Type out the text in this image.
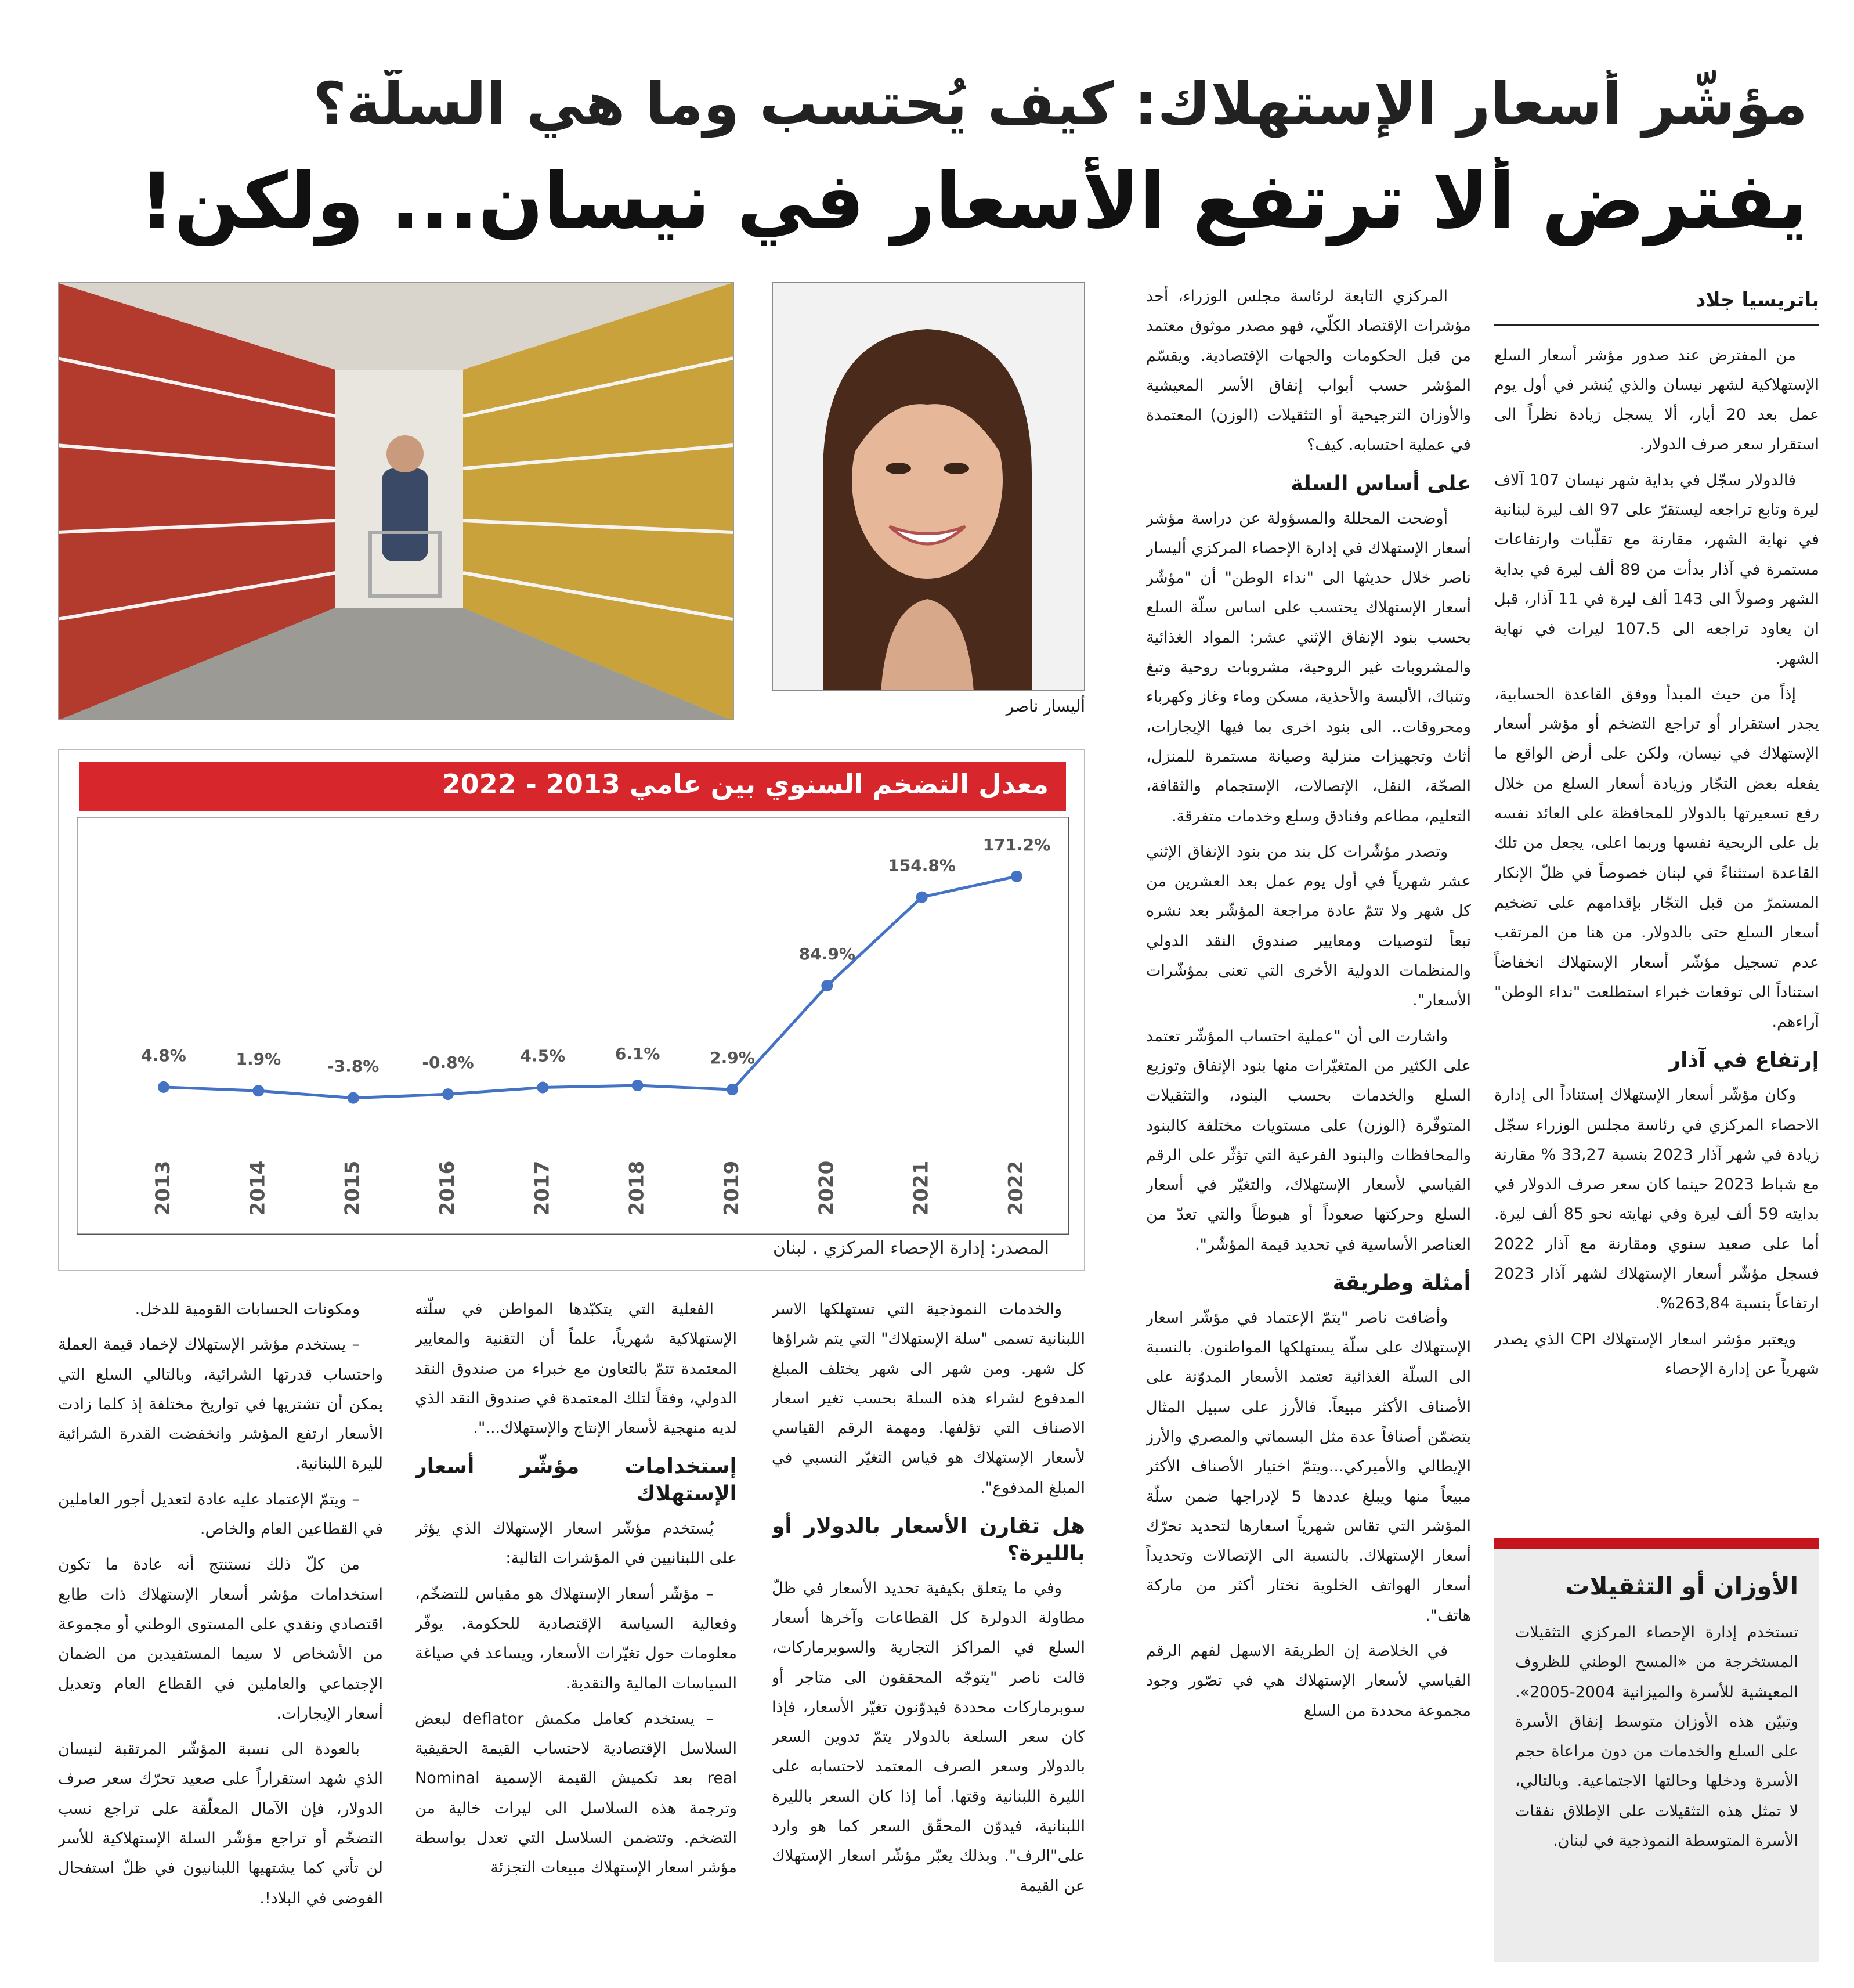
مؤشّر أسعار الإستهلاك: كيف يُحتسب وما هي السلّة؟
يفترض ألا ترتفع الأسعار في نيسان... ولكن!
باتريسيا جلاد

من المفترض عند صدور مؤشر أسعار السلع الإستهلاكية لشهر نيسان والذي يُنشر في أول يوم عمل بعد 20 أيار، ألا يسجل زيادة نظراً الى استقرار سعر صرف الدولار.

فالدولار سجّل في بداية شهر نيسان 107 آلاف ليرة وتابع تراجعه ليستقرّ على 97 الف ليرة لبنانية في نهاية الشهر، مقارنة مع تقلّبات وارتفاعات مستمرة في آذار بدأت من 89 ألف ليرة في بداية الشهر وصولاً الى 143 ألف ليرة في 11 آذار، قبل ان يعاود تراجعه الى 107.5 ليرات في نهاية الشهر.

إذاً من حيث المبدأ ووفق القاعدة الحسابية، يجدر استقرار أو تراجع التضخم أو مؤشر أسعار الإستهلاك في نيسان، ولكن على أرض الواقع ما يفعله بعض التجّار وزيادة أسعار السلع من خلال رفع تسعيرتها بالدولار للمحافظة على العائد نفسه بل على الربحية نفسها وربما اعلى، يجعل من تلك القاعدة استثناءً في لبنان خصوصاً في ظلّ الإنكار المستمرّ من قبل التجّار بإقدامهم على تضخيم أسعار السلع حتى بالدولار. من هنا من المرتقب عدم تسجيل مؤشّر أسعار الإستهلاك انخفاضاً استناداً الى توقعات خبراء استطلعت "نداء الوطن" آراءهم.

إرتفاع في آذار

وكان مؤشّر أسعار الإستهلاك إستناداً الى إدارة الاحصاء المركزي في رئاسة مجلس الوزراء سجّل زيادة في شهر آذار 2023 بنسبة 33,27 % مقارنة مع شباط 2023 حينما كان سعر صرف الدولار في بدايته 59 ألف ليرة وفي نهايته نحو 85 ألف ليرة. أما على صعيد سنوي ومقارنة مع آذار 2022 فسجل مؤشّر أسعار الإستهلاك لشهر آذار 2023 ارتفاعاً بنسبة 263,84%.

ويعتبر مؤشر اسعار الإستهلاك CPI الذي يصدر شهرياً عن إدارة الإحصاء

المركزي التابعة لرئاسة مجلس الوزراء، أحد مؤشرات الإقتصاد الكلّي، فهو مصدر موثوق معتمد من قبل الحكومات والجهات الإقتصادية. ويقسّم المؤشر حسب أبواب إنفاق الأسر المعيشية والأوزان الترجيحية أو التثقيلات (الوزن) المعتمدة في عملية احتسابه. كيف؟

على أساس السلة

أوضحت المحللة والمسؤولة عن دراسة مؤشر أسعار الإستهلاك في إدارة الإحصاء المركزي أليسار ناصر خلال حديثها الى "نداء الوطن" أن "مؤشّر أسعار الإستهلاك يحتسب على اساس سلّة السلع بحسب بنود الإنفاق الإثني عشر: المواد الغذائية والمشروبات غير الروحية، مشروبات روحية وتبغ وتنباك، الألبسة والأحذية، مسكن وماء وغاز وكهرباء ومحروقات.. الى بنود اخرى بما فيها الإيجارات، أثاث وتجهيزات منزلية وصيانة مستمرة للمنزل، الصحّة، النقل، الإتصالات، الإستجمام والثقافة، التعليم، مطاعم وفنادق وسلع وخدمات متفرقة.

وتصدر مؤشّرات كل بند من بنود الإنفاق الإثني عشر شهرياً في أول يوم عمل بعد العشرين من كل شهر ولا تتمّ عادة مراجعة المؤشّر بعد نشره تبعاً لتوصيات ومعايير صندوق النقد الدولي والمنظمات الدولية الأخرى التي تعنى بمؤشّرات الأسعار".

واشارت الى أن "عملية احتساب المؤشّر تعتمد على الكثير من المتغيّرات منها بنود الإنفاق وتوزيع السلع والخدمات بحسب البنود، والتثقيلات المتوفّرة (الوزن) على مستويات مختلفة كالبنود والمحافظات والبنود الفرعية التي تؤثّر على الرقم القياسي لأسعار الإستهلاك، والتغيّر في أسعار السلع وحركتها صعوداً أو هبوطاً والتي تعدّ من العناصر الأساسية في تحديد قيمة المؤشّر".

أمثلة وطريقة

وأضافت ناصر "يتمّ الإعتماد في مؤشّر اسعار الإستهلاك على سلّة يستهلكها المواطنون. بالنسبة الى السلّة الغذائية تعتمد الأسعار المدوّنة على الأصناف الأكثر مبيعاً. فالأرز على سبيل المثال يتضمّن أصنافاً عدة مثل البسماتي والمصري والأرز الإيطالي والأميركي...ويتمّ اختيار الأصناف الأكثر مبيعاً منها ويبلغ عددها 5 لإدراجها ضمن سلّة المؤشر التي تقاس شهرياً اسعارها لتحديد تحرّك أسعار الإستهلاك. بالنسبة الى الإتصالات وتحديداً أسعار الهواتف الخلوية نختار أكثر من ماركة هاتف".

في الخلاصة إن الطريقة الاسهل لفهم الرقم القياسي لأسعار الإستهلاك هي في تصّور وجود مجموعة محددة من السلع

أليسار ناصر
معدل التضخم السنوي بين عامي 2013 - 2022
4.8%
2013
1.9%
2014
-3.8%
2015
-0.8%
2016
4.5%
2017
6.1%
2018
2.9%
2019
84.9%
2020
154.8%
2021
171.2%
2022
المصدر: إدارة الإحصاء المركزي . لبنان

والخدمات النموذجية التي تستهلكها الاسر اللبنانية تسمى "سلة الإستهلاك" التي يتم شراؤها كل شهر. ومن شهر الى شهر يختلف المبلغ المدفوع لشراء هذه السلة بحسب تغير اسعار الاصناف التي تؤلفها. ومهمة الرقم القياسي لأسعار الإستهلاك هو قياس التغيّر النسبي في المبلغ المدفوع".

هل تقارن الأسعار بالدولار أو بالليرة؟

وفي ما يتعلق بكيفية تحديد الأسعار في ظلّ مطاولة الدولرة كل القطاعات وآخرها أسعار السلع في المراكز التجارية والسوبرماركات، قالت ناصر "يتوجّه المحققون الى متاجر أو سوبرماركات محددة فيدوّنون تغيّر الأسعار، فإذا كان سعر السلعة بالدولار يتمّ تدوين السعر بالدولار وسعر الصرف المعتمد لاحتسابه على الليرة اللبنانية وقتها. أما إذا كان السعر بالليرة اللبنانية، فيدوّن المحقّق السعر كما هو وارد على"الرف". وبذلك يعبّر مؤشّر اسعار الإستهلاك عن القيمة

الفعلية التي يتكبّدها المواطن في سلّته الإستهلاكية شهرياً، علماً أن التقنية والمعايير المعتمدة تتمّ بالتعاون مع خبراء من صندوق النقد الدولي، وفقاً لتلك المعتمدة في صندوق النقد الذي لديه منهجية لأسعار الإنتاج والإستهلاك...".

إستخدامات مؤشّر أسعار الإستهلاك

يُستخدم مؤشّر اسعار الإستهلاك الذي يؤثر على اللبنانيين في المؤشرات التالية:

– مؤشّر أسعار الإستهلاك هو مقياس للتضخّم، وفعالية السياسة الإقتصادية للحكومة. يوفّر معلومات حول تغيّرات الأسعار، ويساعد في صياغة السياسات المالية والنقدية.

– يستخدم كعامل مكمش deflator لبعض السلاسل الإقتصادية لاحتساب القيمة الحقيقية real بعد تكميش القيمة الإسمية Nominal وترجمة هذه السلاسل الى ليرات خالية من التضخم. وتتضمن السلاسل التي تعدل بواسطة مؤشر اسعار الإستهلاك مبيعات التجزئة

ومكونات الحسابات القومية للدخل.

– يستخدم مؤشر الإستهلاك لإخماد قيمة العملة واحتساب قدرتها الشرائية، وبالتالي السلع التي يمكن أن تشتريها في تواريخ مختلفة إذ كلما زادت الأسعار ارتفع المؤشر وانخفضت القدرة الشرائية لليرة اللبنانية.

– ويتمّ الإعتماد عليه عادة لتعديل أجور العاملين في القطاعين العام والخاص.

من كلّ ذلك نستنتج أنه عادة ما تكون استخدامات مؤشر أسعار الإستهلاك ذات طابع اقتصادي ونقدي على المستوى الوطني أو مجموعة من الأشخاص لا سيما المستفيدين من الضمان الإجتماعي والعاملين في القطاع العام وتعديل أسعار الإيجارات.

بالعودة الى نسبة المؤشّر المرتقبة لنيسان الذي شهد استقراراً على صعيد تحرّك سعر صرف الدولار، فإن الآمال المعلّقة على تراجع نسب التضخّم أو تراجع مؤشّر السلة الإستهلاكية للأسر لن تأتي كما يشتهيها اللبنانيون في ظلّ استفحال الفوضى في البلاد!.

الأوزان أو التثقيلات

تستخدم إدارة الإحصاء المركزي التثقيلات المستخرجة من «المسح الوطني للظروف المعيشية للأسرة والميزانية 2004-2005». وتبيّن هذه الأوزان متوسط إنفاق الأسرة على السلع والخدمات من دون مراعاة حجم الأسرة ودخلها وحالتها الاجتماعية. وبالتالي، لا تمثل هذه التثقيلات على الإطلاق نفقات الأسرة المتوسطة النموذجية في لبنان.
